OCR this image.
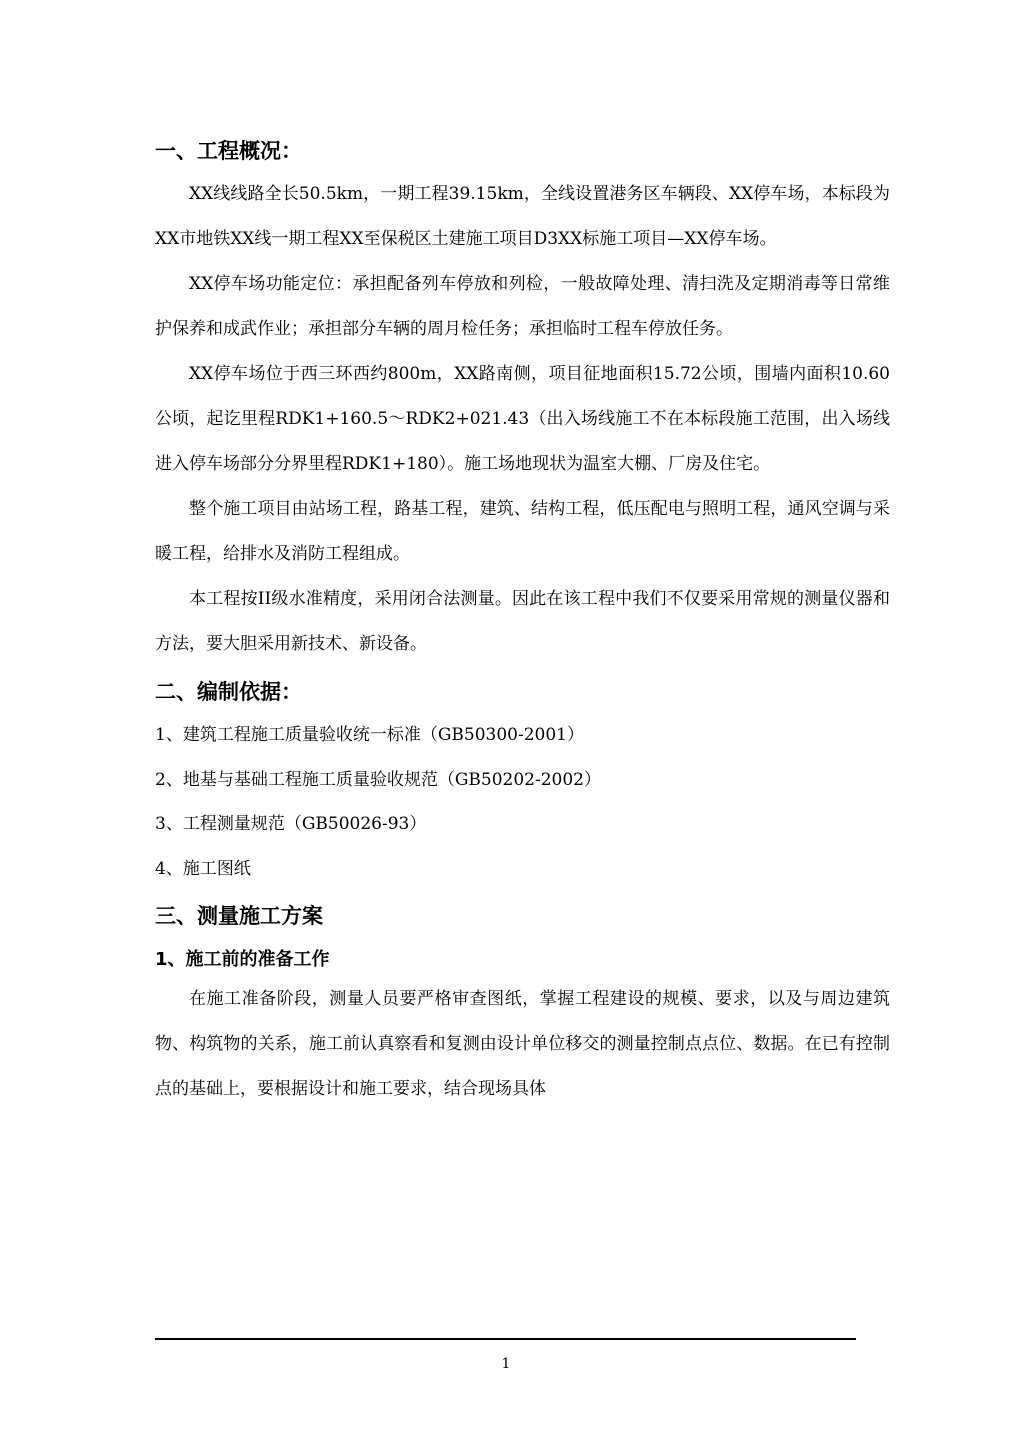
一、工程概况：

XX线线路全长50.5km，一期工程39.15km，全线设置港务区车辆段、XX停车场，本标段为XX市地铁XX线一期工程XX至保税区土建施工项目D3XX标施工项目—XX停车场。

XX停车场功能定位：承担配备列车停放和列检，一般故障处理、清扫洗及定期消毒等日常维护保养和成武作业；承担部分车辆的周月检任务；承担临时工程车停放任务。

XX停车场位于西三环西约800m，XX路南侧，项目征地面积15.72公顷，围墙内面积10.60公顷，起讫里程RDK1+160.5～RDK2+021.43（出入场线施工不在本标段施工范围，出入场线进入停车场部分分界里程RDK1+180）。施工场地现状为温室大棚、厂房及住宅。

整个施工项目由站场工程，路基工程，建筑、结构工程，低压配电与照明工程，通风空调与采暖工程，给排水及消防工程组成。

本工程按II级水准精度，采用闭合法测量。因此在该工程中我们不仅要采用常规的测量仪器和方法，要大胆采用新技术、新设备。

二、编制依据：
1、建筑工程施工质量验收统一标准（GB50300-2001）
2、地基与基础工程施工质量验收规范（GB50202-2002）
3、工程测量规范（GB50026-93）
4、施工图纸
三、测量施工方案
1、施工前的准备工作

在施工准备阶段，测量人员要严格审查图纸，掌握工程建设的规模、要求，以及与周边建筑物、构筑物的关系，施工前认真察看和复测由设计单位移交的测量控制点点位、数据。在已有控制点的基础上，要根据设计和施工要求，结合现场具体

1
